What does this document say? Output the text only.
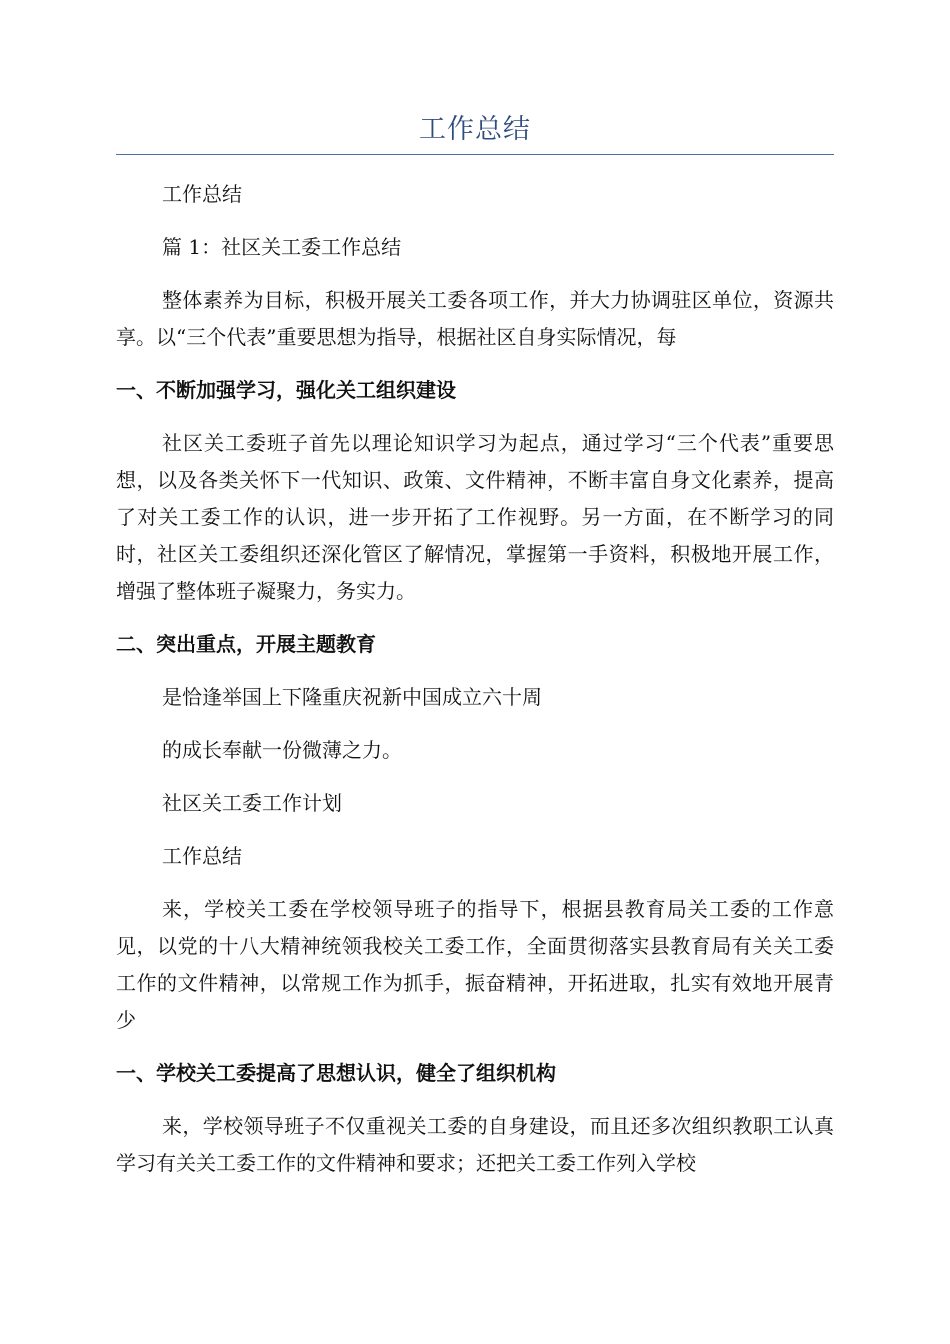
工作总结

工作总结

篇 1：社区关工委工作总结

整体素养为目标，积极开展关工委各项工作，并大力协调驻区单位，资源共享。以“三个代表”重要思想为指导，根据社区自身实际情况，每

一、不断加强学习，强化关工组织建设

社区关工委班子首先以理论知识学习为起点，通过学习“三个代表”重要思想，以及各类关怀下一代知识、政策、文件精神，不断丰富自身文化素养，提高了对关工委工作的认识，进一步开拓了工作视野。另一方面，在不断学习的同时，社区关工委组织还深化管区了解情况，掌握第一手资料，积极地开展工作，增强了整体班子凝聚力，务实力。

二、突出重点，开展主题教育

是恰逢举国上下隆重庆祝新中国成立六十周

的成长奉献一份微薄之力。

社区关工委工作计划

工作总结

来，学校关工委在学校领导班子的指导下，根据县教育局关工委的工作意见，以党的十八大精神统领我校关工委工作，全面贯彻落实县教育局有关关工委工作的文件精神，以常规工作为抓手，振奋精神，开拓进取，扎实有效地开展青少

一、学校关工委提高了思想认识，健全了组织机构

来，学校领导班子不仅重视关工委的自身建设，而且还多次组织教职工认真学习有关关工委工作的文件精神和要求；还把关工委工作列入学校
